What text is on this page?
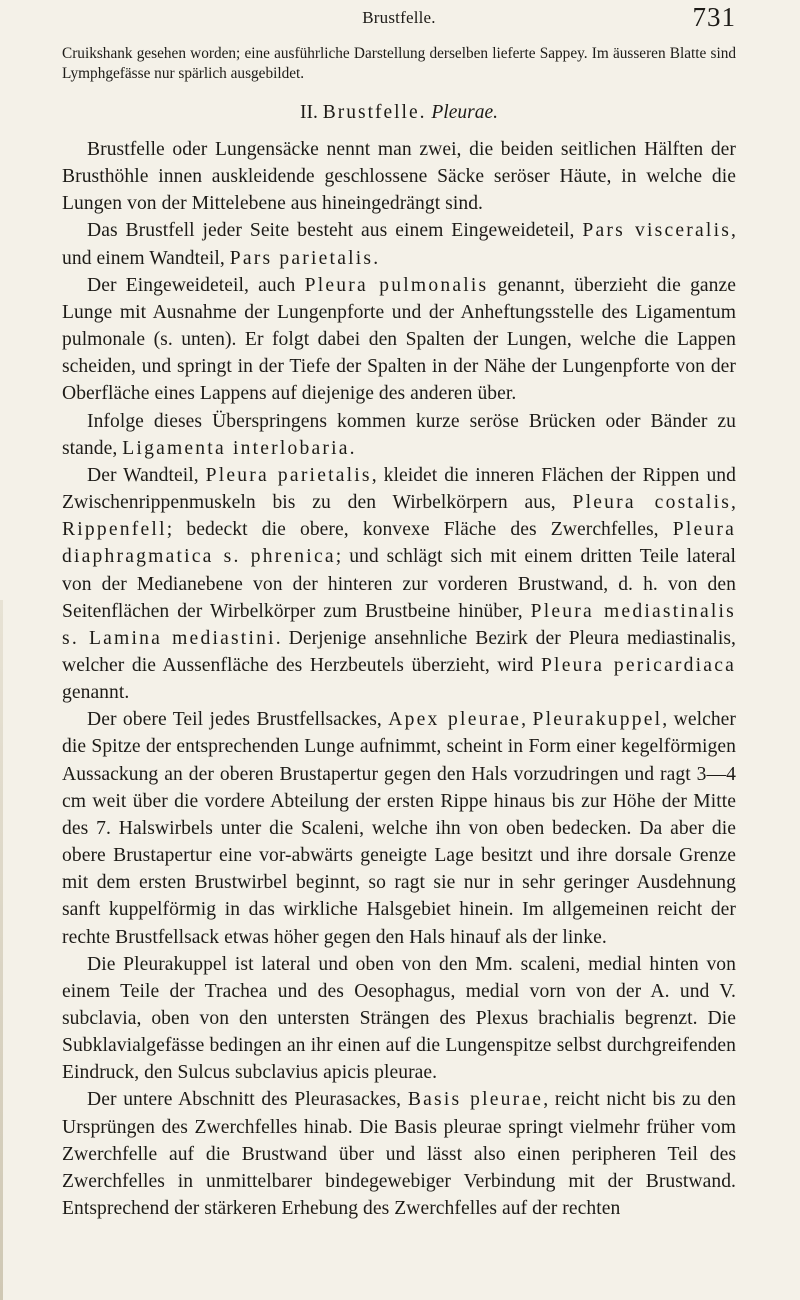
Brustfelle.	731

Cruikshank gesehen worden; eine ausführliche Darstellung derselben lieferte Sappey. Im äusseren Blatte sind Lymphgefässe nur spärlich ausgebildet.

II. Brustfelle. Pleurae.

Brustfelle oder Lungensäcke nennt man zwei, die beiden seitlichen Hälften der Brusthöhle innen auskleidende geschlossene Säcke seröser Häute, in welche die Lungen von der Mittelebene aus hineingedrängt sind.

Das Brustfell jeder Seite besteht aus einem Eingeweideteil, Pars visceralis, und einem Wandteil, Pars parietalis.

Der Eingeweideteil, auch Pleura pulmonalis genannt, überzieht die ganze Lunge mit Ausnahme der Lungenpforte und der Anheftungsstelle des Ligamentum pulmonale (s. unten). Er folgt dabei den Spalten der Lungen, welche die Lappen scheiden, und springt in der Tiefe der Spalten in der Nähe der Lungenpforte von der Oberfläche eines Lappens auf diejenige des anderen über.

Infolge dieses Überspringens kommen kurze seröse Brücken oder Bänder zu stande, Ligamenta interlobaria.

Der Wandteil, Pleura parietalis, kleidet die inneren Flächen der Rippen und Zwischenrippenmuskeln bis zu den Wirbelkörpern aus, Pleura costalis, Rippenfell; bedeckt die obere, konvexe Fläche des Zwerchfelles, Pleura diaphragmatica s. phrenica; und schlägt sich mit einem dritten Teile lateral von der Medianebene von der hinteren zur vorderen Brustwand, d. h. von den Seitenflächen der Wirbelkörper zum Brustbeine hinüber, Pleura mediastinalis s. Lamina mediastini. Derjenige ansehnliche Bezirk der Pleura mediastinalis, welcher die Aussenfläche des Herzbeutels überzieht, wird Pleura pericardiaca genannt.

Der obere Teil jedes Brustfellsackes, Apex pleurae, Pleurakuppel, welcher die Spitze der entsprechenden Lunge aufnimmt, scheint in Form einer kegelförmigen Aussackung an der oberen Brustapertur gegen den Hals vorzudringen und ragt 3—4 cm weit über die vordere Abteilung der ersten Rippe hinaus bis zur Höhe der Mitte des 7. Halswirbels unter die Scaleni, welche ihn von oben bedecken. Da aber die obere Brustapertur eine vor-abwärts geneigte Lage besitzt und ihre dorsale Grenze mit dem ersten Brustwirbel beginnt, so ragt sie nur in sehr geringer Ausdehnung sanft kuppelförmig in das wirkliche Halsgebiet hinein. Im allgemeinen reicht der rechte Brustfellsack etwas höher gegen den Hals hinauf als der linke.

Die Pleurakuppel ist lateral und oben von den Mm. scaleni, medial hinten von einem Teile der Trachea und des Oesophagus, medial vorn von der A. und V. subclavia, oben von den untersten Strängen des Plexus brachialis begrenzt. Die Subklavialgefässe bedingen an ihr einen auf die Lungenspitze selbst durchgreifenden Eindruck, den Sulcus subclavius apicis pleurae.

Der untere Abschnitt des Pleurasackes, Basis pleurae, reicht nicht bis zu den Ursprüngen des Zwerchfelles hinab. Die Basis pleurae springt vielmehr früher vom Zwerchfelle auf die Brustwand über und lässt also einen peripheren Teil des Zwerchfelles in unmittelbarer bindegewebiger Verbindung mit der Brustwand. Entsprechend der stärkeren Erhebung des Zwerchfelles auf der rechten
